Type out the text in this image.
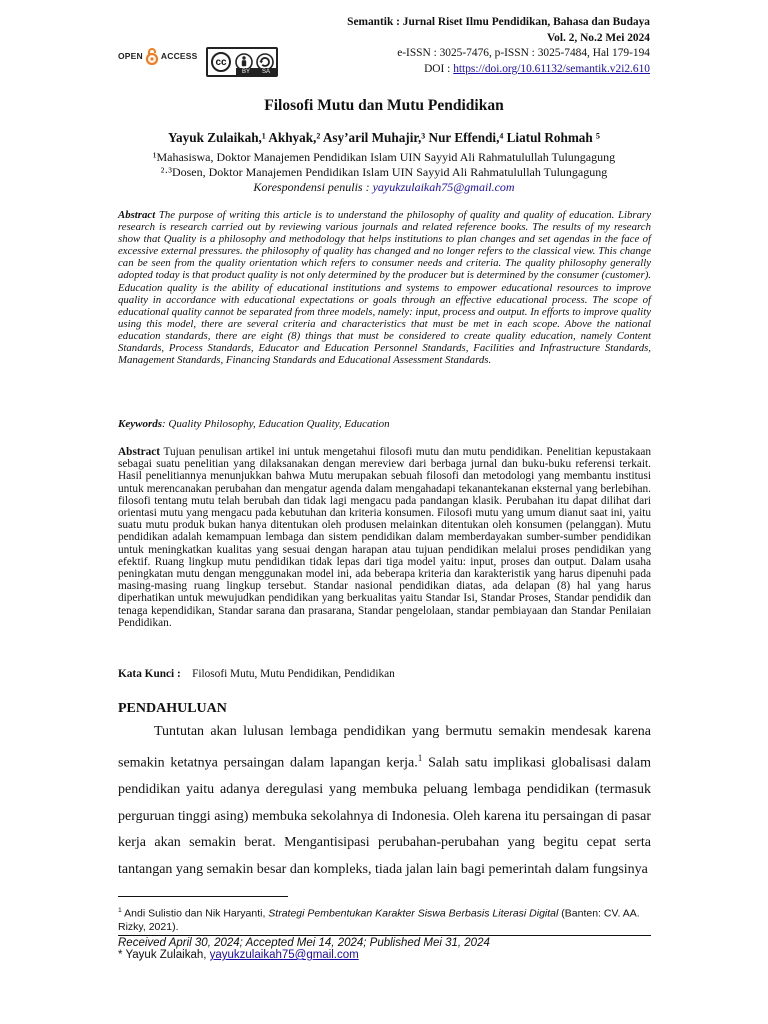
OPEN ACCESS
cc
BY SA
Semantik : Jurnal Riset Ilmu Pendidikan, Bahasa dan Budaya
Vol. 2, No.2 Mei 2024
e-ISSN : 3025-7476, p-ISSN : 3025-7484, Hal 179-194
DOI : https://doi.org/10.61132/semantik.v2i2.610
Filosofi Mutu dan Mutu Pendidikan
Yayuk Zulaikah,¹ Akhyak,² Asy’aril Muhajir,³ Nur Effendi,⁴ Liatul Rohmah ⁵
¹Mahasiswa, Doktor Manajemen Pendidikan Islam UIN Sayyid Ali Rahmatulullah Tulungagung
²·³Dosen, Doktor Manajemen Pendidikan Islam UIN Sayyid Ali Rahmatulullah Tulungagung
Korespondensi penulis : yayukzulaikah75@gmail.com
Abstract The purpose of writing this article is to understand the philosophy of quality and quality of education. Library research is research carried out by reviewing various journals and related reference books. The results of my research show that Quality is a philosophy and methodology that helps institutions to plan changes and set agendas in the face of excessive external pressures. the philosophy of quality has changed and no longer refers to the classical view. This change can be seen from the quality orientation which refers to consumer needs and criteria. The quality philosophy generally adopted today is that product quality is not only determined by the producer but is determined by the consumer (customer). Education quality is the ability of educational institutions and systems to empower educational resources to improve quality in accordance with educational expectations or goals through an effective educational process. The scope of educational quality cannot be separated from three models, namely: input, process and output. In efforts to improve quality using this model, there are several criteria and characteristics that must be met in each scope. Above the national education standards, there are eight (8) things that must be considered to create quality education, namely Content Standards, Process Standards, Educator and Education Personnel Standards, Facilities and Infrastructure Standards, Management Standards, Financing Standards and Educational Assessment Standards.
Keywords: Quality Philosophy, Education Quality, Education
Abstract Tujuan penulisan artikel ini untuk mengetahui filosofi mutu dan mutu pendidikan. Penelitian kepustakaan sebagai suatu penelitian yang dilaksanakan dengan mereview dari berbaga jurnal dan buku-buku referensi terkait. Hasil penelitiannya menunjukkan bahwa Mutu merupakan sebuah filosofi dan metodologi yang membantu institusi untuk merencanakan perubahan dan mengatur agenda dalam mengahadapi tekanantekanan eksternal yang berlebihan. filosofi tentang mutu telah berubah dan tidak lagi mengacu pada pandangan klasik. Perubahan itu dapat dilihat dari orientasi mutu yang mengacu pada kebutuhan dan kriteria konsumen. Filosofi mutu yang umum dianut saat ini, yaitu suatu mutu produk bukan hanya ditentukan oleh produsen melainkan ditentukan oleh konsumen (pelanggan). Mutu pendidikan adalah kemampuan lembaga dan sistem pendidikan dalam memberdayakan sumber-sumber pendidikan untuk meningkatkan kualitas yang sesuai dengan harapan atau tujuan pendidikan melalui proses pendidikan yang efektif. Ruang lingkup mutu pendidikan tidak lepas dari tiga model yaitu: input, proses dan output. Dalam usaha peningkatan mutu dengan menggunakan model ini, ada beberapa kriteria dan karakteristik yang harus dipenuhi pada masing-masing ruang lingkup tersebut. Standar nasional pendidikan diatas, ada delapan (8) hal yang harus diperhatikan untuk mewujudkan pendidikan yang berkualitas yaitu Standar Isi, Standar Proses, Standar pendidik dan tenaga kependidikan, Standar sarana dan prasarana, Standar pengelolaan, standar pembiayaan dan Standar Penilaian Pendidikan.
Kata Kunci : Filosofi Mutu, Mutu Pendidikan, Pendidikan
PENDAHULUAN
Tuntutan akan lulusan lembaga pendidikan yang bermutu semakin mendesak karena semakin ketatnya persaingan dalam lapangan kerja.$^1$ Salah satu implikasi globalisasi dalam pendidikan yaitu adanya deregulasi yang membuka peluang lembaga pendidikan (termasuk perguruan tinggi asing) membuka sekolahnya di Indonesia. Oleh karena itu persaingan di pasar kerja akan semakin berat. Mengantisipasi perubahan-perubahan yang begitu cepat serta tantangan yang semakin besar dan kompleks, tiada jalan lain bagi pemerintah dalam fungsinya
$^1$ Andi Sulistio dan Nik Haryanti, Strategi Pembentukan Karakter Siswa Berbasis Literasi Digital (Banten: CV. AA. Rizky, 2021).
Received April 30, 2024; Accepted Mei 14, 2024; Published Mei 31, 2024
* Yayuk Zulaikah, yayukzulaikah75@gmail.com
